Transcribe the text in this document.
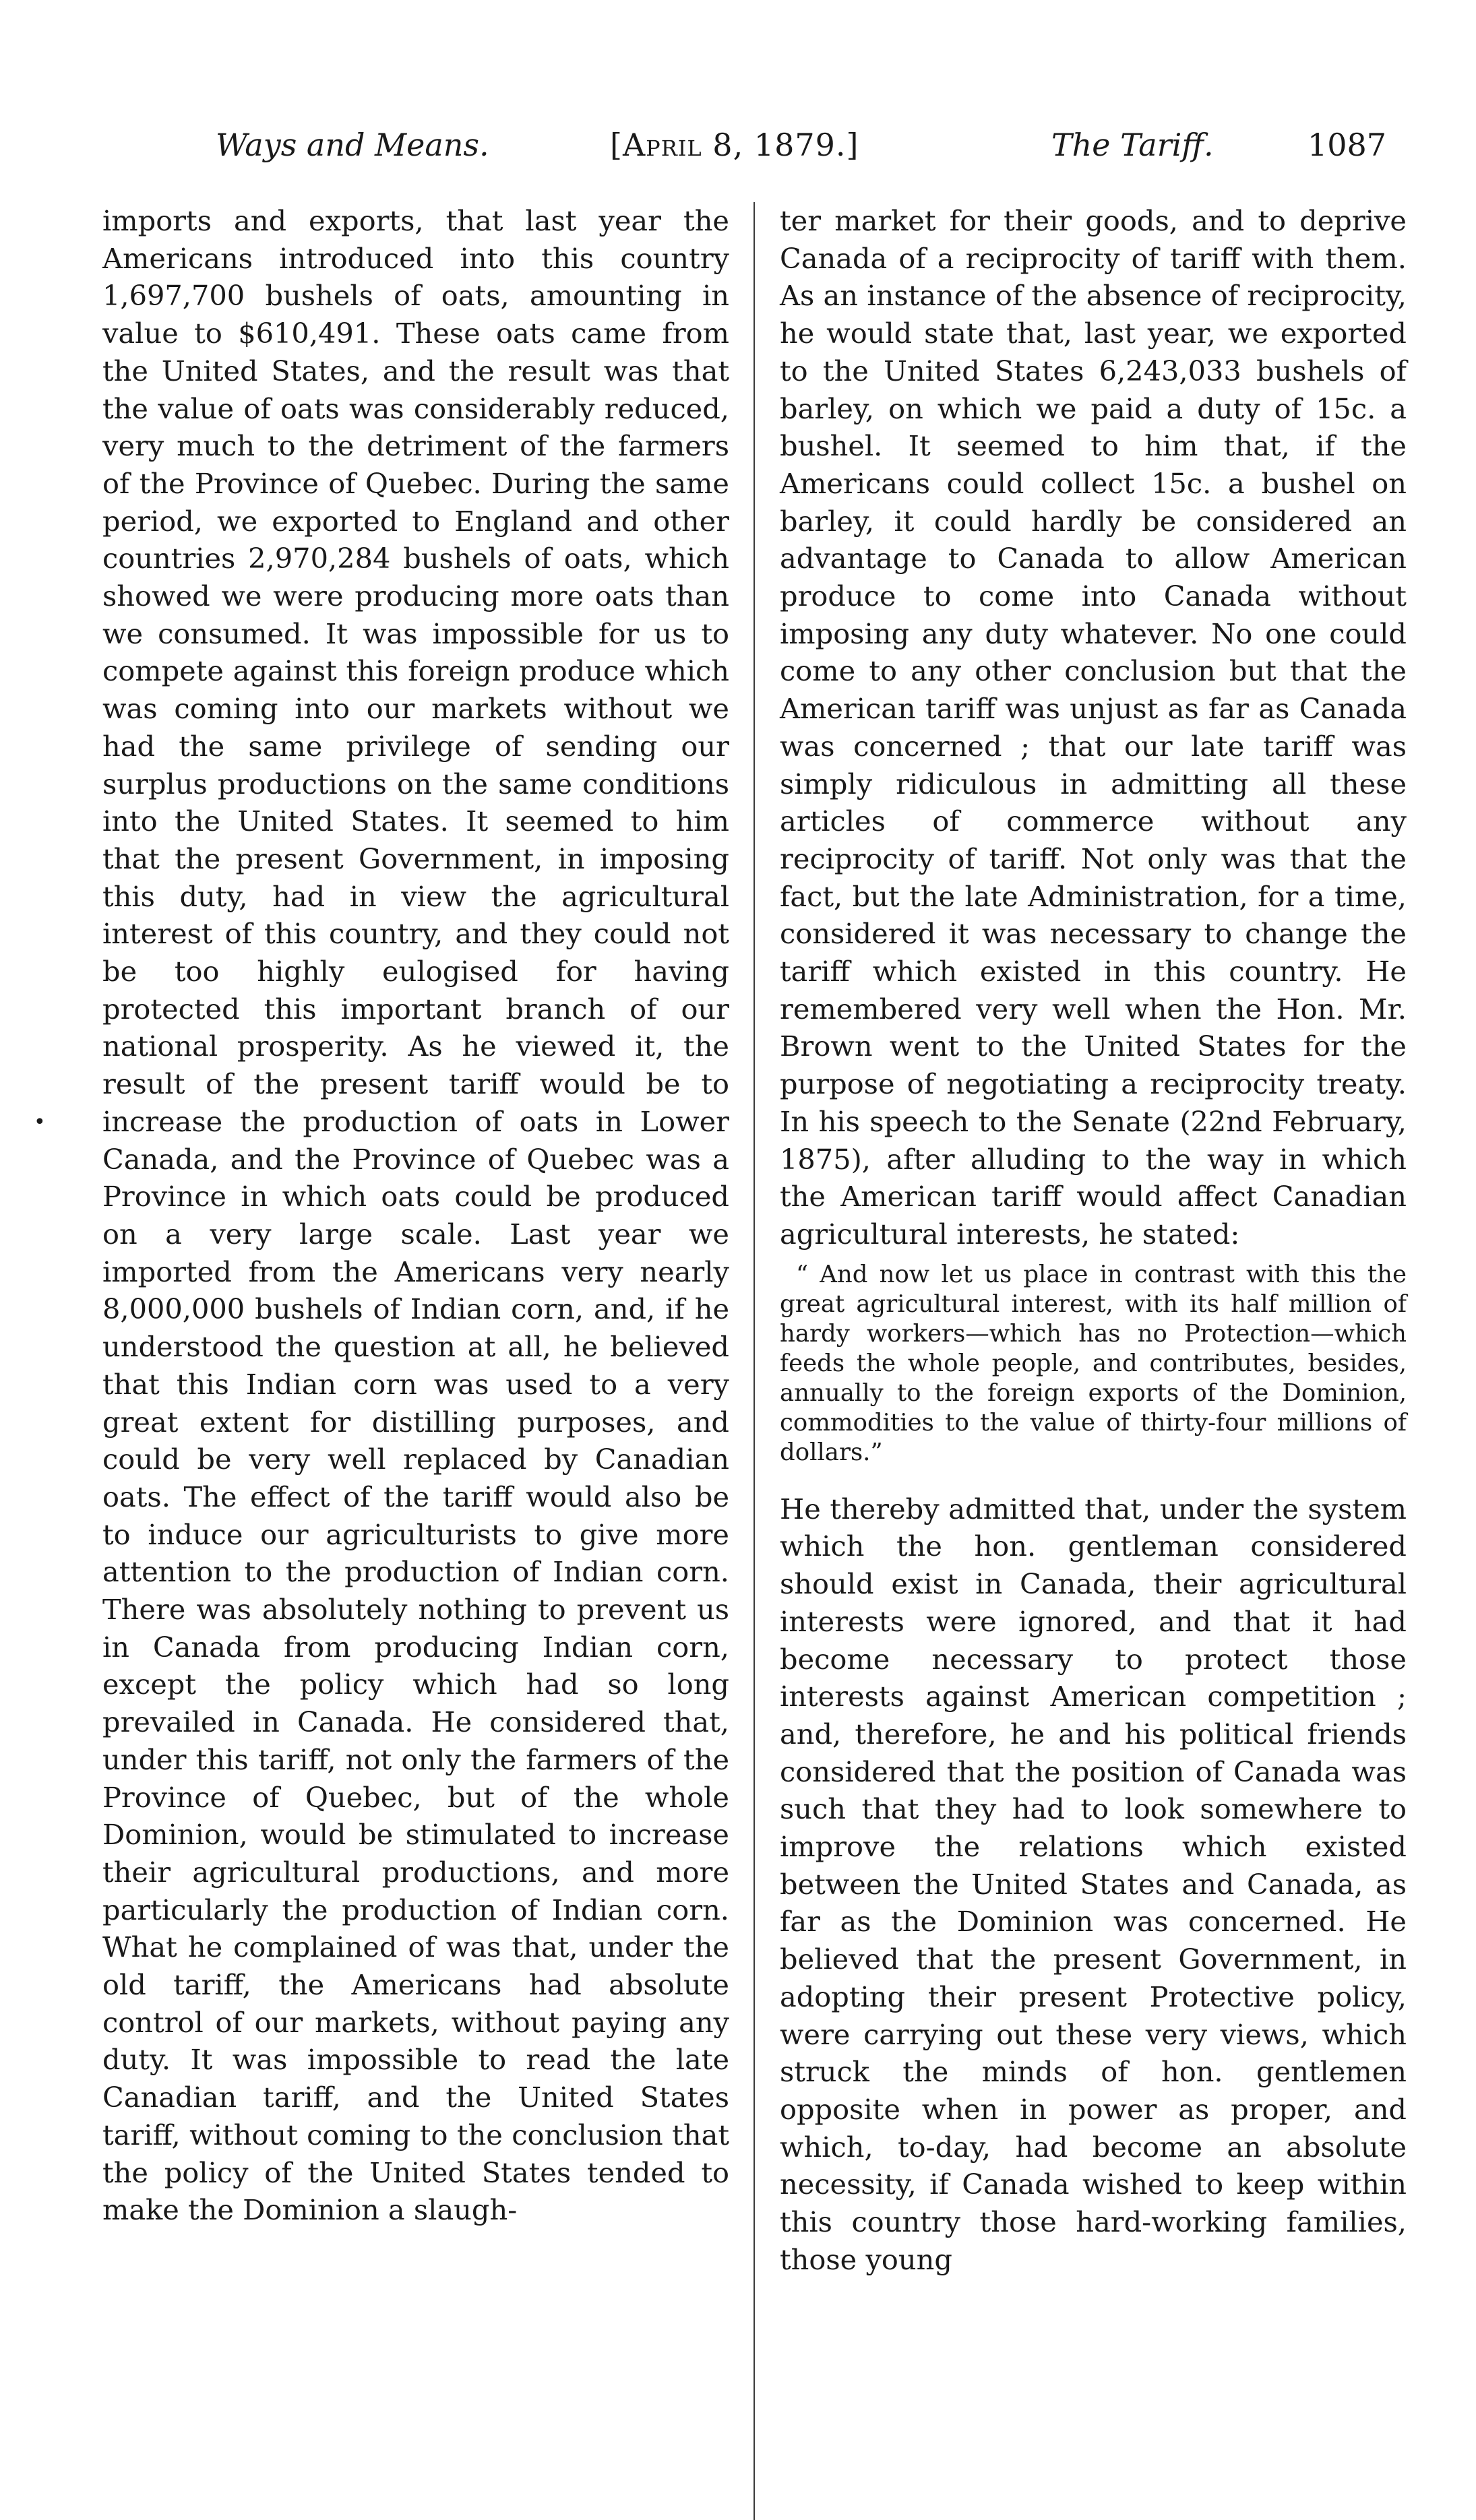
Ways and Means.	[April 8, 1879.]	The Tariff.	1087
•

imports and exports, that last year the Americans introduced into this country 1,697,700 bushels of oats, amounting in value to $610,491. These oats came from the United States, and the result was that the value of oats was considerably reduced, very much to the detriment of the farmers of the Province of Quebec. During the same period, we exported to England and other countries 2,970,284 bushels of oats, which showed we were producing more oats than we consumed. It was impossible for us to compete against this foreign produce which was coming into our markets without we had the same privilege of sending our surplus productions on the same conditions into the United States. It seemed to him that the present Government, in imposing this duty, had in view the agricultural interest of this country, and they could not be too highly eulogised for having protected this important branch of our national prosperity. As he viewed it, the result of the present tariff would be to increase the production of oats in Lower Canada, and the Province of Quebec was a Province in which oats could be produced on a very large scale. Last year we imported from the Americans very nearly 8,000,000 bushels of Indian corn, and, if he understood the question at all, he believed that this Indian corn was used to a very great extent for distilling purposes, and could be very well replaced by Canadian oats. The effect of the tariff would also be to induce our agriculturists to give more attention to the production of Indian corn. There was absolutely nothing to prevent us in Canada from producing Indian corn, except the policy which had so long prevailed in Canada. He considered that, under this tariff, not only the farmers of the Province of Quebec, but of the whole Dominion, would be stimulated to increase their agricultural productions, and more particularly the production of Indian corn. What he complained of was that, under the old tariff, the Americans had absolute control of our markets, without paying any duty. It was impossible to read the late Canadian tariff, and the United States tariff, without coming to the conclusion that the policy of the United States tended to make the Dominion a slaugh-

ter market for their goods, and to deprive Canada of a reciprocity of tariff with them. As an instance of the absence of reciprocity, he would state that, last year, we exported to the United States 6,243,033 bushels of barley, on which we paid a duty of 15c. a bushel. It seemed to him that, if the Americans could collect 15c. a bushel on barley, it could hardly be considered an advantage to Canada to allow American produce to come into Canada without imposing any duty whatever. No one could come to any other conclusion but that the American tariff was unjust as far as Canada was concerned ; that our late tariff was simply ridiculous in admitting all these articles of commerce without any reciprocity of tariff. Not only was that the fact, but the late Administration, for a time, considered it was necessary to change the tariff which existed in this country. He remembered very well when the Hon. Mr. Brown went to the United States for the purpose of negotiating a reciprocity treaty. In his speech to the Senate (22nd February, 1875), after alluding to the way in which the American tariff would affect Canadian agricultural interests, he stated:

“ And now let us place in contrast with this the great agricultural interest, with its half million of hardy workers—which has no Protection—which feeds the whole people, and contributes, besides, annually to the foreign exports of the Dominion, commodities to the value of thirty-four millions of dollars.”

He thereby admitted that, under the system which the hon. gentleman considered should exist in Canada, their agricultural interests were ignored, and that it had become necessary to protect those interests against American competition ; and, therefore, he and his political friends considered that the position of Canada was such that they had to look somewhere to improve the relations which existed between the United States and Canada, as far as the Dominion was concerned. He believed that the present Government, in adopting their present Protective policy, were carrying out these very views, which struck the minds of hon. gentlemen opposite when in power as proper, and which, to-day, had become an absolute necessity, if Canada wished to keep within this country those hard-working families, those young
